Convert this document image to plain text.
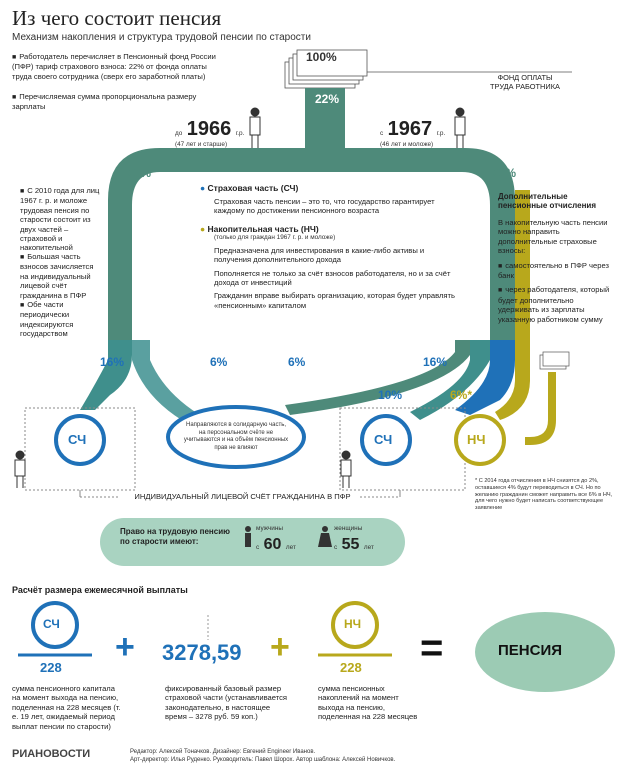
Из чего состоит пенсия
Механизм накопления и структура трудовой пенсии по старости
■ Работодатель перечисляет в Пенсионный фонд России (ПФР) тариф страхового взноса: 22% от фонда оплаты труда своего сотрудника (сверх его заработной платы)
■ Перечисляемая сумма пропорциональна размеру зарплаты
100%
ФОНД ОПЛАТЫ
ТРУДА РАБОТНИКА
22%
до 1966 г.р.
(47 лет и старше)
с 1967 г.р.
(46 лет и моложе)
22%	22%
■ С 2010 года для лиц 1967 г. р. и моложе трудовая пенсия по старости состоит из двух частей – страховой и накопительной
■ Большая часть взносов зачисляется на индивидуальный лицевой счёт гражданина в ПФР
■ Обе части периодически индексируются государством
● Страховая часть (СЧ)
Страховая часть пенсии – это то, что государство гарантирует каждому по достижении пенсионного возраста
● Накопительная часть (НЧ)
(только для граждан 1967 г. р. и моложе)
Предназначена для инвестирования в какие-либо активы и получения дополнительного дохода
Пополняется не только за счёт взносов работодателя, но и за счёт дохода от инвестиций
Гражданин вправе выбирать организацию, которая будет управлять «пенсионным» капиталом
Дополнительные пенсионные отчисления
В накопительную часть пенсии можно направить дополнительные страховые взносы:
■ самостоятельно в ПФР через банк
■ через работодателя, который будет дополнительно удерживать из зарплаты указанную работником сумму
16%	6%	6%	16%
10%	6%*
СЧ	СЧ	НЧ
Направляются в солидарную часть, на персональном счёте не учитываются и на объём пенсионных прав не влияют
* С 2014 года отчисления в НЧ снизятся до 2%, оставшиеся 4% будут переводиться в СЧ. Но по желанию гражданин сможет направить все 6% в НЧ, для чего нужно будет написать соответствующее заявление
ИНДИВИДУАЛЬНЫЙ ЛИЦЕВОЙ СЧЁТ ГРАЖДАНИНА В ПФР
Право на трудовую пенсию по старости имеют:
мужчины
с 60 лет
женщины
с 55 лет
Расчёт размера ежемесячной выплаты
СЧ
228
+ 3278,59 +
НЧ
228 =	ПЕНСИЯ
сумма пенсионного капитала на момент выхода на пенсию, поделенная на 228 месяцев (т. е. 19 лет, ожидаемый период выплат пенсии по старости)
фиксированный базовый размер страховой части (устанавливается законодательно, в настоящее время – 3278 руб. 59 коп.)
сумма пенсионных накоплений на момент выхода на пенсию, поделенная на 228 месяцев
РИАНОВОСТИ	Редактор: Алексей Тоначков. Дизайнер: Евгений Engineer Иванов.
Арт-директор: Илья Руденко. Руководитель: Павел Шорох. Автор шаблона: Алексей Новичков.
